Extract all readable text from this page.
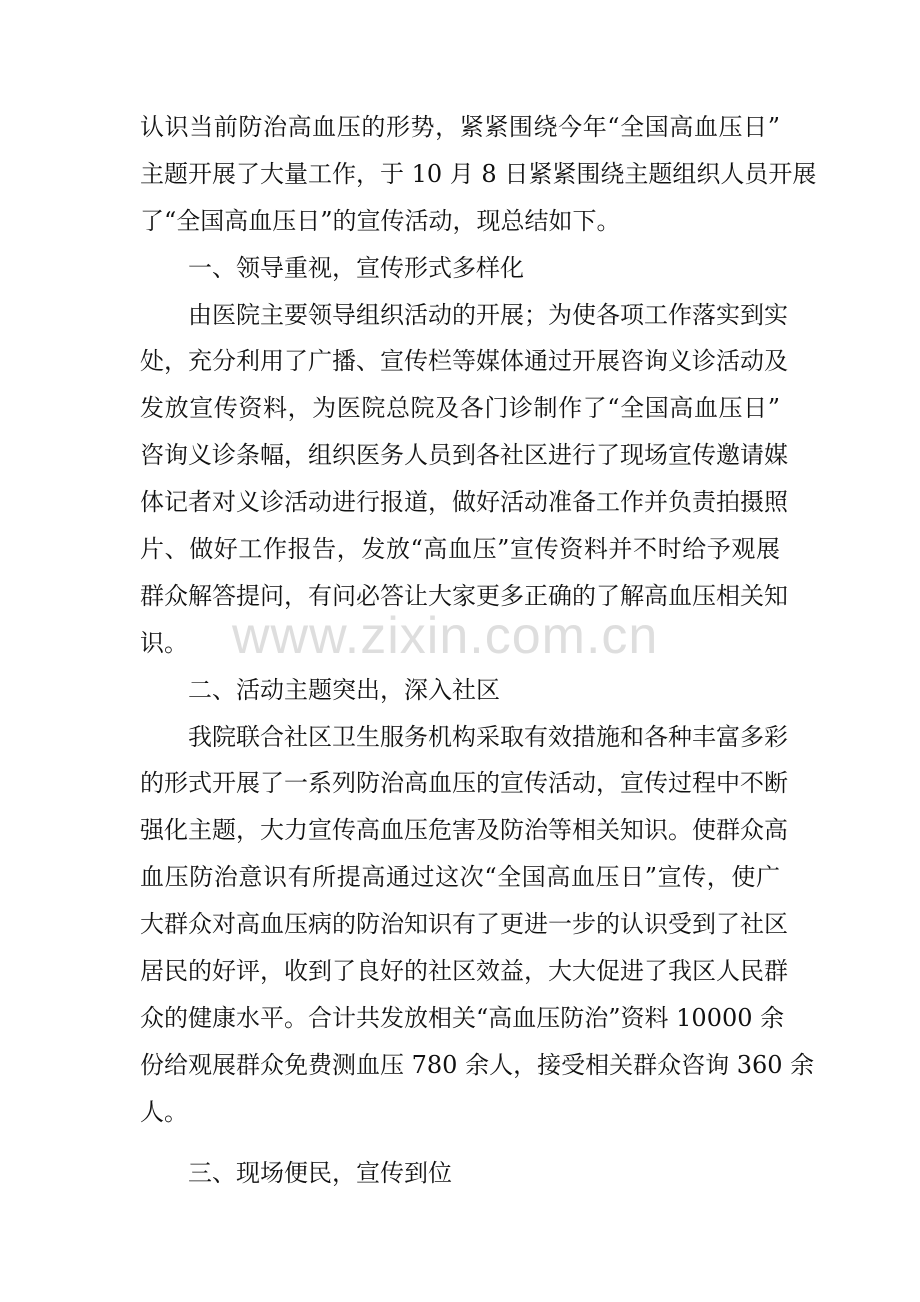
认识当前防治高血压的形势，紧紧围绕今年“全国高血压日”
主题开展了大量工作，于 10 月 8 日紧紧围绕主题组织人员开展
了“全国高血压日”的宣传活动，现总结如下。
一、领导重视，宣传形式多样化
由医院主要领导组织活动的开展；为使各项工作落实到实
处，充分利用了广播、宣传栏等媒体通过开展咨询义诊活动及
发放宣传资料，为医院总院及各门诊制作了“全国高血压日”
咨询义诊条幅，组织医务人员到各社区进行了现场宣传邀请媒
体记者对义诊活动进行报道，做好活动准备工作并负责拍摄照
片、做好工作报告，发放“高血压”宣传资料并不时给予观展
群众解答提问，有问必答让大家更多正确的了解高血压相关知
识。
二、活动主题突出，深入社区
我院联合社区卫生服务机构采取有效措施和各种丰富多彩
的形式开展了一系列防治高血压的宣传活动，宣传过程中不断
强化主题，大力宣传高血压危害及防治等相关知识。使群众高
血压防治意识有所提高通过这次“全国高血压日”宣传，使广
大群众对高血压病的防治知识有了更进一步的认识受到了社区
居民的好评，收到了良好的社区效益，大大促进了我区人民群
众的健康水平。合计共发放相关“高血压防治”资料 10000 余
份给观展群众免费测血压 780 余人，接受相关群众咨询 360 余
人。
三、现场便民，宣传到位
www.zixin.com.cn
